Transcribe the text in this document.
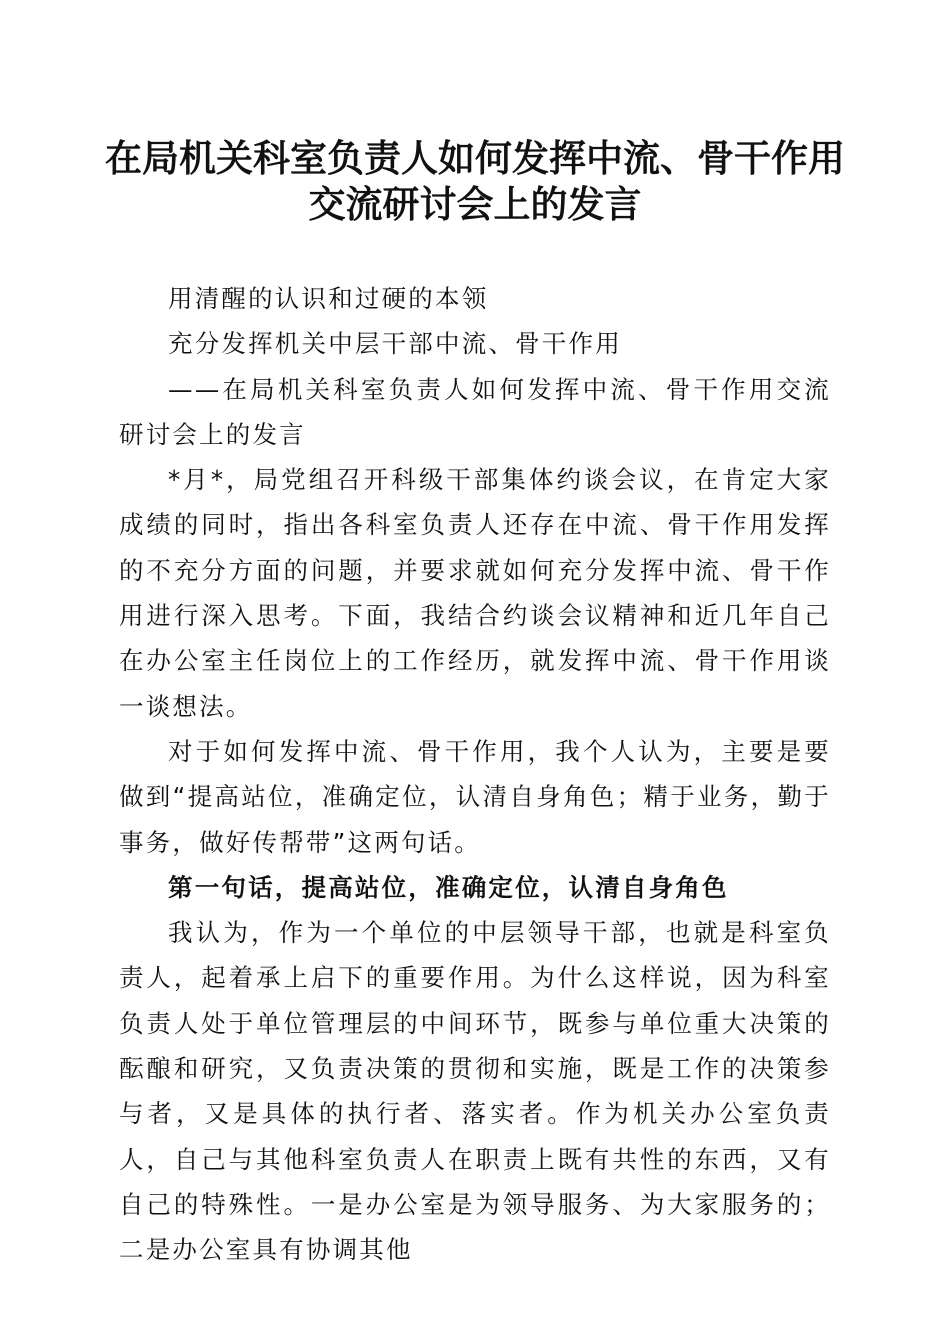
在局机关科室负责人如何发挥中流、骨干作用
交流研讨会上的发言

用清醒的认识和过硬的本领

充分发挥机关中层干部中流、骨干作用

——在局机关科室负责人如何发挥中流、骨干作用交流研讨会上的发言

*月*，局党组召开科级干部集体约谈会议，在肯定大家成绩的同时，指出各科室负责人还存在中流、骨干作用发挥的不充分方面的问题，并要求就如何充分发挥中流、骨干作用进行深入思考。下面，我结合约谈会议精神和近几年自己在办公室主任岗位上的工作经历，就发挥中流、骨干作用谈一谈想法。

对于如何发挥中流、骨干作用，我个人认为，主要是要做到“提高站位，准确定位，认清自身角色；精于业务，勤于事务，做好传帮带”这两句话。

第一句话，提高站位，准确定位，认清自身角色

我认为，作为一个单位的中层领导干部，也就是科室负责人，起着承上启下的重要作用。为什么这样说，因为科室负责人处于单位管理层的中间环节，既参与单位重大决策的酝酿和研究，又负责决策的贯彻和实施，既是工作的决策参与者，又是具体的执行者、落实者。作为机关办公室负责人，自己与其他科室负责人在职责上既有共性的东西，又有自己的特殊性。一是办公室是为领导服务、为大家服务的；二是办公室具有协调其他
